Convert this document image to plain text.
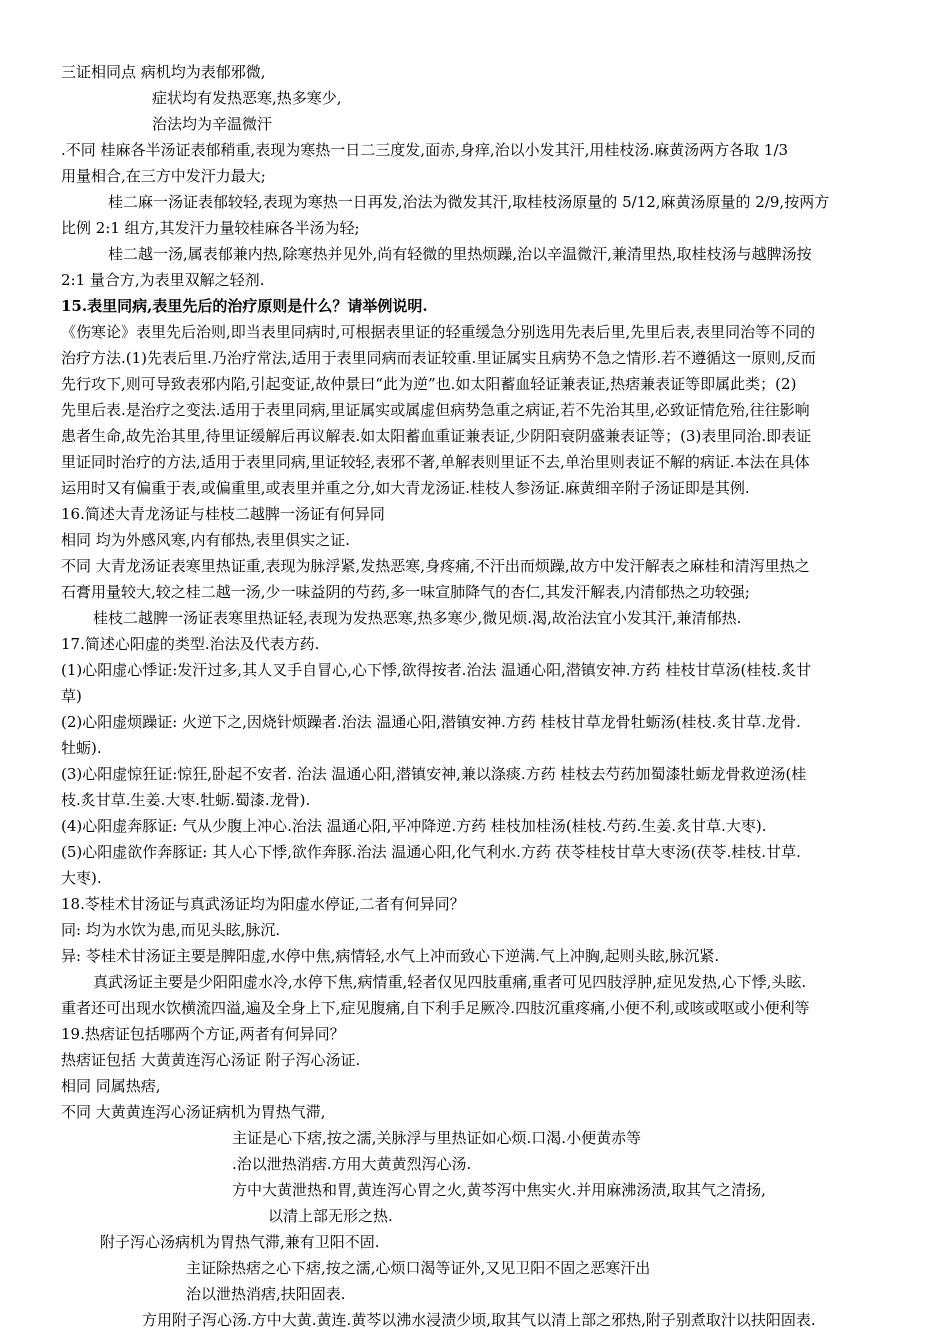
三证相同点 病机均为表郁邪微,
症状均有发热恶寒,热多寒少,
治法均为辛温微汗
.不同 桂麻各半汤证表郁稍重,表现为寒热一日二三度发,面赤,身痒,治以小发其汗,用桂枝汤.麻黄汤两方各取 1/3
用量相合,在三方中发汗力最大;
桂二麻一汤证表郁较轻,表现为寒热一日再发,治法为微发其汗,取桂枝汤原量的 5/12,麻黄汤原量的 2/9,按两方
比例 2:1 组方,其发汗力量较桂麻各半汤为轻;
桂二越一汤,属表郁兼内热,除寒热并见外,尚有轻微的里热烦躁,治以辛温微汗,兼清里热,取桂枝汤与越脾汤按
2:1 量合方,为表里双解之轻剂.
15.表里同病,表里先后的治疗原则是什么？请举例说明.
《伤寒论》表里先后治则,即当表里同病时,可根据表里证的轻重缓急分别选用先表后里,先里后表,表里同治等不同的
治疗方法.(1)先表后里.乃治疗常法,适用于表里同病而表证较重.里证属实且病势不急之情形.若不遵循这一原则,反而
先行攻下,则可导致表邪内陷,引起变证,故仲景曰“此为逆”也.如太阳蓄血轻证兼表证,热痞兼表证等即属此类；(2)
先里后表.是治疗之变法.适用于表里同病,里证属实或属虚但病势急重之病证,若不先治其里,必致证情危殆,往往影响
患者生命,故先治其里,待里证缓解后再议解表.如太阳蓄血重证兼表证,少阴阳衰阴盛兼表证等；(3)表里同治.即表证
里证同时治疗的方法,适用于表里同病,里证较轻,表邪不著,单解表则里证不去,单治里则表证不解的病证.本法在具体
运用时又有偏重于表,或偏重里,或表里并重之分,如大青龙汤证.桂枝人参汤证.麻黄细辛附子汤证即是其例.
16.简述大青龙汤证与桂枝二越脾一汤证有何异同
相同 均为外感风寒,内有郁热,表里俱实之证.
不同 大青龙汤证表寒里热证重,表现为脉浮紧,发热恶寒,身疼痛,不汗出而烦躁,故方中发汗解表之麻桂和清泻里热之
石膏用量较大,较之桂二越一汤,少一味益阴的芍药,多一味宣肺降气的杏仁,其发汗解表,内清郁热之功较强;
桂枝二越脾一汤证表寒里热证轻,表现为发热恶寒,热多寒少,微见烦.渴,故治法宜小发其汗,兼清郁热.
17.简述心阳虚的类型.治法及代表方药.
(1)心阳虚心悸证:发汗过多,其人叉手自冒心,心下悸,欲得按者.治法 温通心阳,潜镇安神.方药 桂枝甘草汤(桂枝.炙甘
草)
(2)心阳虚烦躁证: 火逆下之,因烧针烦躁者.治法 温通心阳,潜镇安神.方药 桂枝甘草龙骨牡蛎汤(桂枝.炙甘草.龙骨.
牡蛎).
(3)心阳虚惊狂证:惊狂,卧起不安者. 治法 温通心阳,潜镇安神,兼以涤痰.方药 桂枝去芍药加蜀漆牡蛎龙骨救逆汤(桂
枝.炙甘草.生姜.大枣.牡蛎.蜀漆.龙骨).
(4)心阳虚奔豚证: 气从少腹上冲心.治法 温通心阳,平冲降逆.方药 桂枝加桂汤(桂枝.芍药.生姜.炙甘草.大枣).
(5)心阳虚欲作奔豚证: 其人心下悸,欲作奔豚.治法 温通心阳,化气利水.方药 茯苓桂枝甘草大枣汤(茯苓.桂枝.甘草.
大枣).
18.苓桂术甘汤证与真武汤证均为阳虚水停证,二者有何异同？
同: 均为水饮为患,而见头眩,脉沉.
异: 苓桂术甘汤证主要是脾阳虚,水停中焦,病情轻,水气上冲而致心下逆满.气上冲胸,起则头眩,脉沉紧.
真武汤证主要是少阳阳虚水冷,水停下焦,病情重,轻者仅见四肢重痛,重者可见四肢浮肿,症见发热,心下悸,头眩.
重者还可出现水饮横流四溢,遍及全身上下,症见腹痛,自下利手足厥冷.四肢沉重疼痛,小便不利,或咳或呕或小便利等
19.热痞证包括哪两个方证,两者有何异同？
热痞证包括 大黄黄连泻心汤证 附子泻心汤证.
相同 同属热痞,
不同 大黄黄连泻心汤证病机为胃热气滞,
主证是心下痞,按之濡,关脉浮与里热证如心烦.口渴.小便黄赤等
.治以泄热消痞.方用大黄黄烈泻心汤.
方中大黄泄热和胃,黄连泻心胃之火,黄芩泻中焦实火.并用麻沸汤渍,取其气之清扬,
以清上部无形之热.
附子泻心汤病机为胃热气滞,兼有卫阳不固.
主证除热痞之心下痞,按之濡,心烦口渴等证外,又见卫阳不固之恶寒汗出
治以泄热消痞,扶阳固表.
方用附子泻心汤.方中大黄.黄连.黄芩以沸水浸渍少顷,取其气以清上部之邪热,附子别煮取汁以扶阳固表.
